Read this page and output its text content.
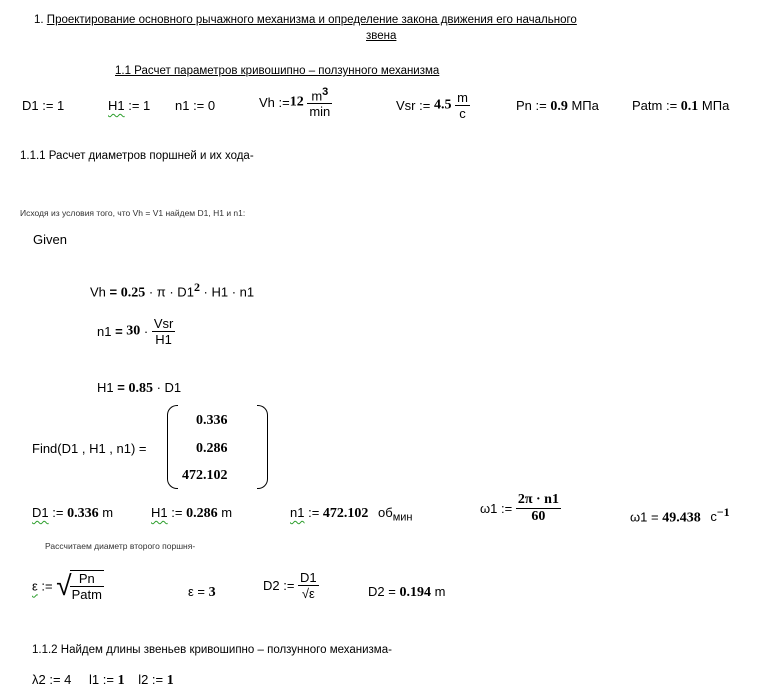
1. Проектирование основного рычажного механизма и определение закона движения его начального
звена
1.1 Расчет параметров кривошипно – ползунного механизма
D1 := 1	H1 := 1 n1 := 0	Vh :=12 $\frac{m^3}{\min}$	Vsr := $4.5 \frac{m}{c}$	Pn := 0.9 МПа	Patm := 0.1 МПа
1.1.1 Расчет диаметров поршней и их хода-
Исходя из условия того, что Vh = V1 найдем D1, H1 и n1:
Given
$Vh = 0.25 \cdot \pi \cdot D1^2 \cdot H1 \cdot n1$
$n1 = 30 \cdot \frac{\text{Vsr}}{H1}$
H1 = 0.85 · D1
Find(D1 , H1 , n1) =
0.336
0.286
472.102
D1 := 0.336 m	H1 := 0.286 m	n1 := 472.102 $об_{мин}$
ω1 := $\frac{2\pi \cdot n1}{60}$	ω1 = 49.438 $c^{-1}$
Рассчитаем диаметр второго поршня-
ε := √
$\frac{Pn}{\text{Patm}}$	ε = 3	D2 := $\frac{D1}{√\varepsilon}$	D2 = 0.194 m
1.1.2 Найдем длины звеньев кривошипно – ползунного механизма-
λ2 := 4 l1 := 1 l2 := 1
